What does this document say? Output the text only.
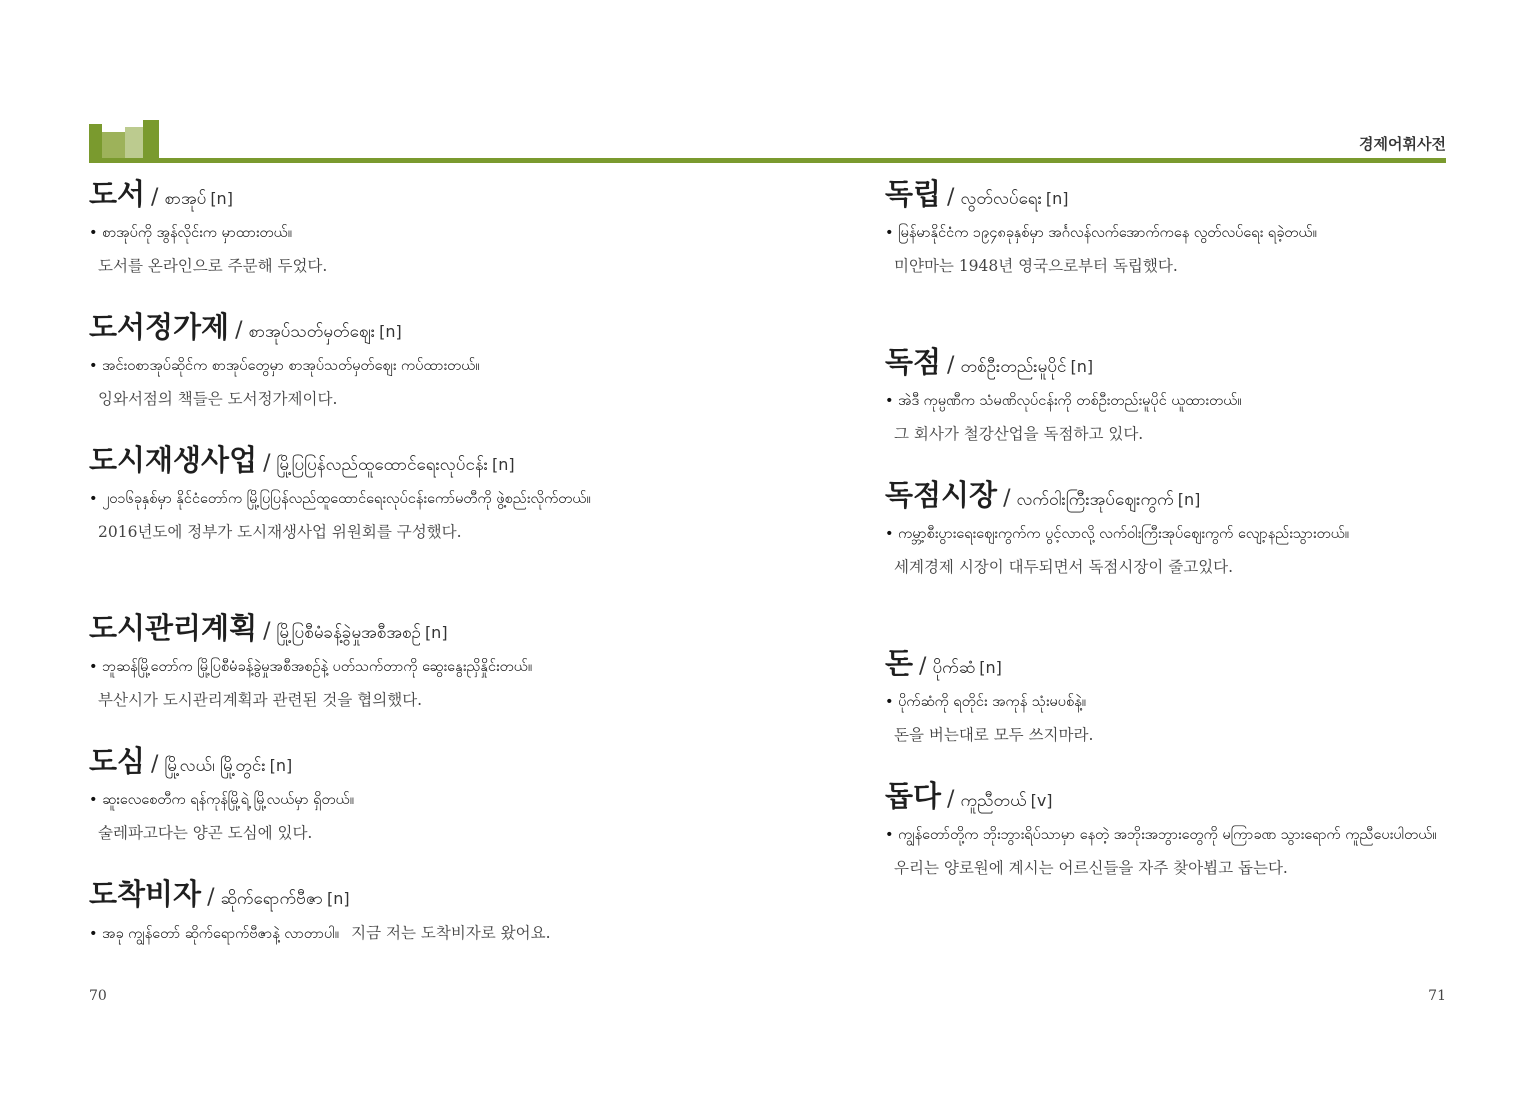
경제어휘사전
도서 / စာအုပ် [n]
• စာအုပ်ကို အွန်လိုင်းက မှာထားတယ်။
도서를 온라인으로 주문해 두었다.
도서정가제 / စာအုပ်သတ်မှတ်ဈေး [n]
• အင်းဝစာအုပ်ဆိုင်က စာအုပ်တွေမှာ စာအုပ်သတ်မှတ်ဈေး ကပ်ထားတယ်။
잉와서점의 책들은 도서정가제이다.
도시재생사업 / မြို့ပြပြန်လည်ထူထောင်ရေးလုပ်ငန်း [n]
• ၂၀၁၆ခုနှစ်မှာ နိုင်ငံတော်က မြို့ပြပြန်လည်ထူထောင်ရေးလုပ်ငန်းကော်မတီကို ဖွဲ့စည်းလိုက်တယ်။
2016년도에 정부가 도시재생사업 위원회를 구성했다.
도시관리계획 / မြို့ပြစီမံခန့်ခွဲမှုအစီအစဉ် [n]
• ဘူဆန်မြို့တော်က မြို့ပြစီမံခန့်ခွဲမှုအစီအစဉ်နဲ့ ပတ်သက်တာကို ဆွေးနွေးညှိနှိုင်းတယ်။
부산시가 도시관리계획과 관련된 것을 협의했다.
도심 / မြို့လယ်၊ မြို့တွင်း [n]
• ဆူးလေစေတီက ရန်ကုန်မြို့ရဲ့ မြို့လယ်မှာ ရှိတယ်။
술레파고다는 양곤 도심에 있다.
도착비자 / ဆိုက်ရောက်ဗီဇာ [n]
• အခု ကျွန်တော် ဆိုက်ရောက်ဗီဇာနဲ့ လာတာပါ။ 지금 저는 도착비자로 왔어요.
독립 / လွတ်လပ်ရေး [n]
• မြန်မာနိုင်ငံက ၁၉၄၈ခုနှစ်မှာ အင်္ဂလန်လက်အောက်ကနေ လွတ်လပ်ရေး ရခဲ့တယ်။
미얀마는 1948년 영국으로부터 독립했다.
독점 / တစ်ဦးတည်းမူပိုင် [n]
• အဲဒီ ကုမ္ပဏီက သံမဏိလုပ်ငန်းကို တစ်ဦးတည်းမူပိုင် ယူထားတယ်။
그 회사가 철강산업을 독점하고 있다.
독점시장 / လက်ဝါးကြီးအုပ်ဈေးကွက် [n]
• ကမ္ဘာ့စီးပွားရေးဈေးကွက်က ပွင့်လာလို့ လက်ဝါးကြီးအုပ်ဈေးကွက် လျော့နည်းသွားတယ်။
세계경제 시장이 대두되면서 독점시장이 줄고있다.
돈 / ပိုက်ဆံ [n]
• ပိုက်ဆံကို ရတိုင်း အကုန် သုံးမပစ်နဲ့။
돈을 버는대로 모두 쓰지마라.
돕다 / ကူညီတယ် [v]
• ကျွန်တော်တို့က ဘိုးဘွားရိပ်သာမှာ နေတဲ့ အဘိုးအဘွားတွေကို မကြာခဏ သွားရောက် ကူညီပေးပါတယ်။
우리는 양로원에 계시는 어르신들을 자주 찾아뵙고 돕는다.
70	71
